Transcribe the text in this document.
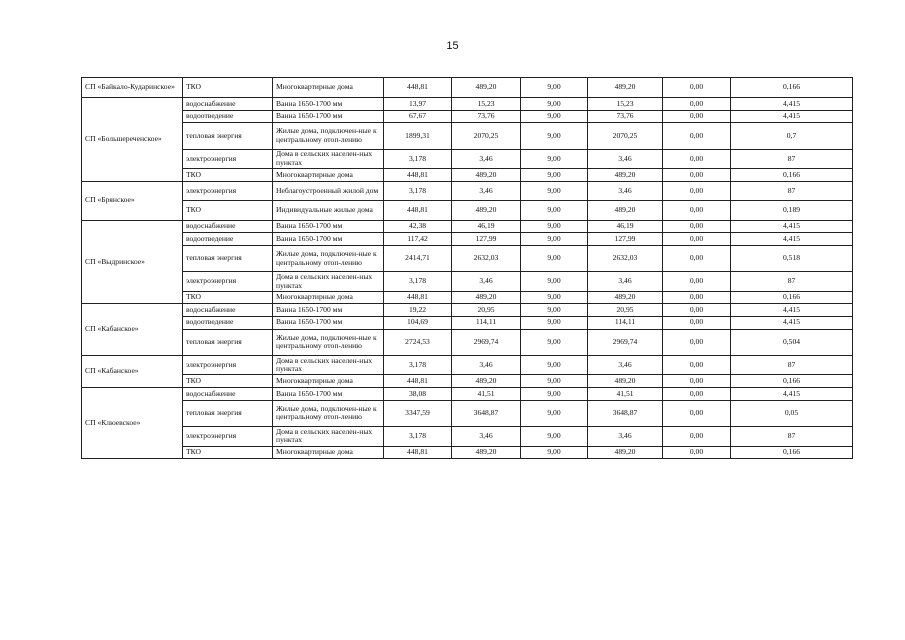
15
СП «Байкало-Кударинское»	ТКО	Многоквартирные дома	448,81	489,20	9,00	489,20	0,00	0,166
СП «Большереченское»	водоснабжение	Ванна 1650-1700 мм	13,97	15,23	9,00	15,23	0,00	4,415
	водоотведение	Ванна 1650-1700 мм	67,67	73,76	9,00	73,76	0,00	4,415
	тепловая энергия	Жилые дома, подключен-ные к центральному отоп-лению	1899,31	2070,25	9,00	2070,25	0,00	0,7
	электроэнергия	Дома в сельских населен-ных пунктах	3,178	3,46	9,00	3,46	0,00	87
	ТКО	Многоквартирные дома	448,81	489,20	9,00	489,20	0,00	0,166
СП «Брянское»	электроэнергия	Неблагоустроенный жилой дом	3,178	3,46	9,00	3,46	0,00	87
	ТКО	Индивидуальные жилые дома	448,81	489,20	9,00	489,20	0,00	0,189
СП «Выдринское»	водоснабжение	Ванна 1650-1700 мм	42,38	46,19	9,00	46,19	0,00	4,415
	водоотведение	Ванна 1650-1700 мм	117,42	127,99	9,00	127,99	0,00	4,415
	тепловая энергия	Жилые дома, подключен-ные к центральному отоп-лению	2414,71	2632,03	9,00	2632,03	0,00	0,518
	электроэнергия	Дома в сельских населен-ных пунктах	3,178	3,46	9,00	3,46	0,00	87
	ТКО	Многоквартирные дома	448,81	489,20	9,00	489,20	0,00	0,166
СП «Кабанское»	водоснабжение	Ванна 1650-1700 мм	19,22	20,95	9,00	20,95	0,00	4,415
	водоотведение	Ванна 1650-1700 мм	104,69	114,11	9,00	114,11	0,00	4,415
	тепловая энергия	Жилые дома, подключен-ные к центральному отоп-лению	2724,53	2969,74	9,00	2969,74	0,00	0,504
СП «Кабанское»	электроэнергия	Дома в сельских населен-ных пунктах	3,178	3,46	9,00	3,46	0,00	87
	ТКО	Многоквартирные дома	448,81	489,20	9,00	489,20	0,00	0,166
СП «Клюевское»	водоснабжение	Ванна 1650-1700 мм	38,08	41,51	9,00	41,51	0,00	4,415
	тепловая энергия	Жилые дома, подключен-ные к центральному отоп-лению	3347,59	3648,87	9,00	3648,87	0,00	0,05
	электроэнергия	Дома в сельских населен-ных пунктах	3,178	3,46	9,00	3,46	0,00	87
	ТКО	Многоквартирные дома	448,81	489,20	9,00	489,20	0,00	0,166
